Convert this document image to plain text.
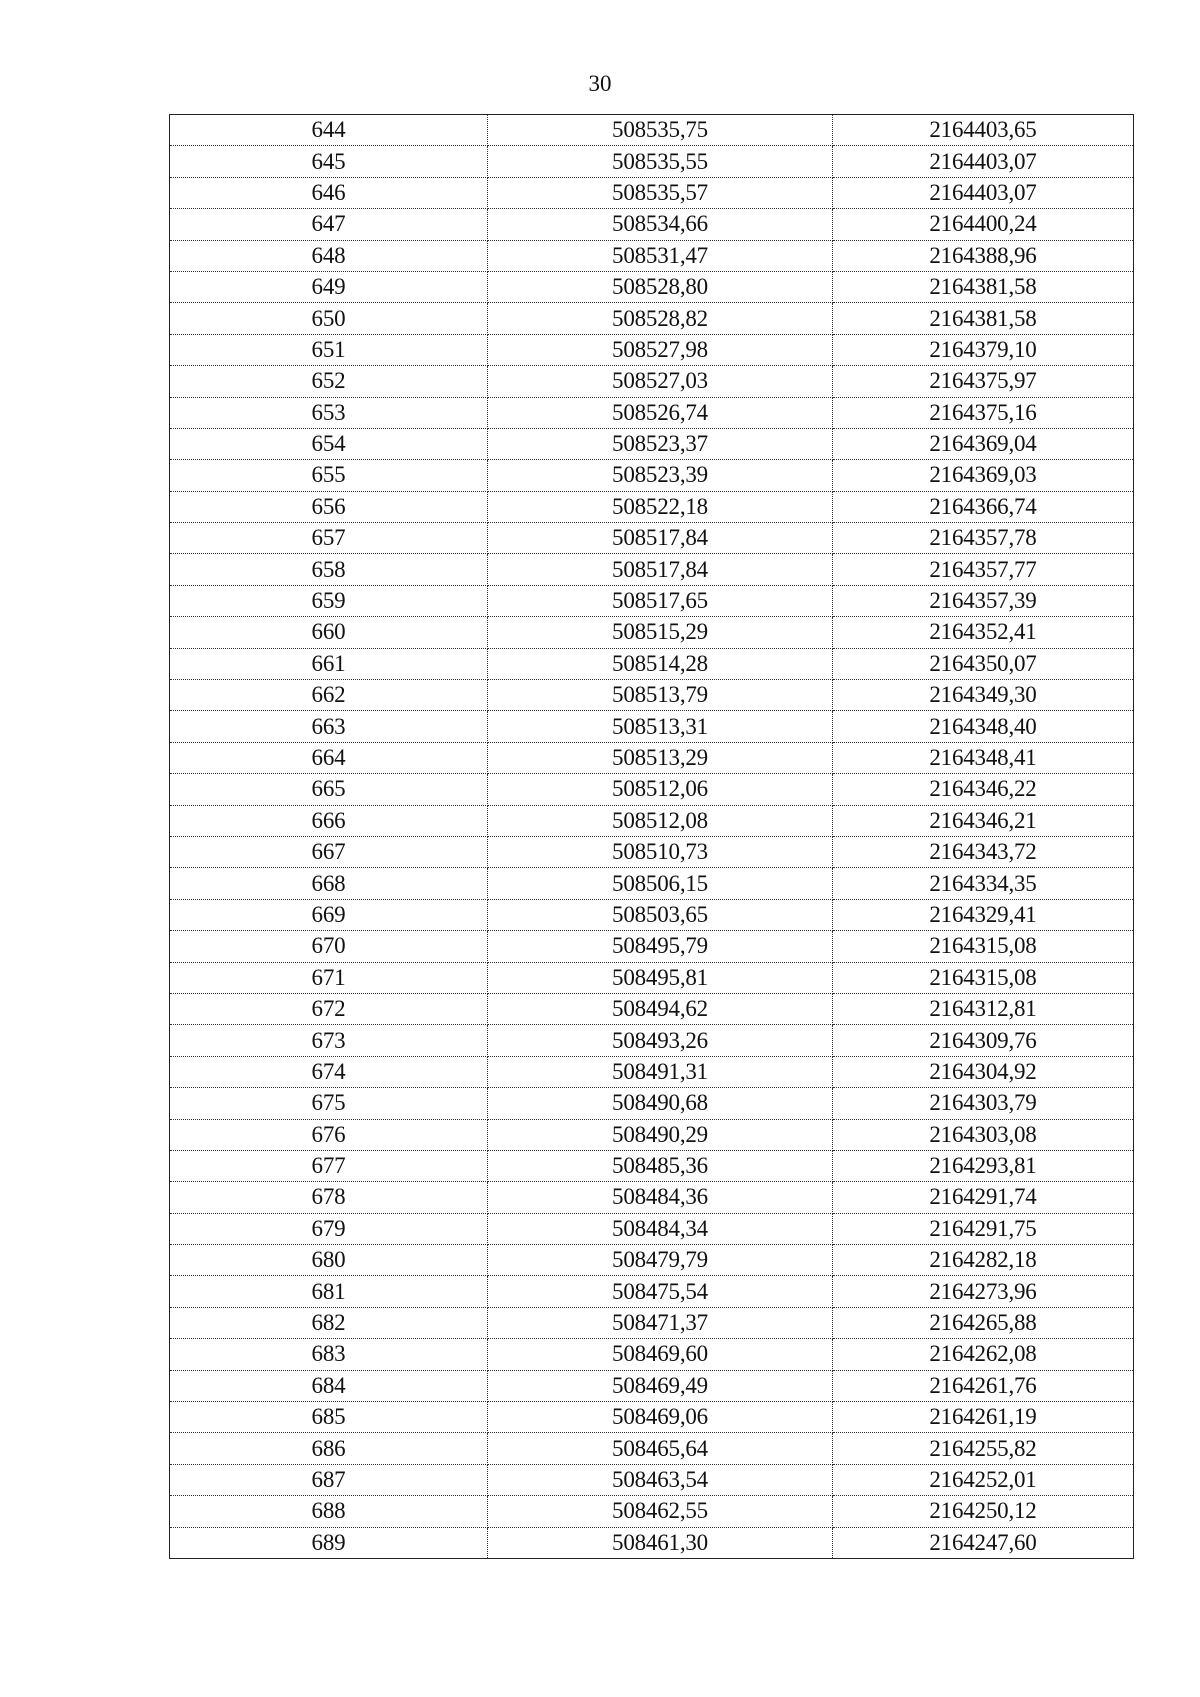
30
644	508535,75	2164403,65
645	508535,55	2164403,07
646	508535,57	2164403,07
647	508534,66	2164400,24
648	508531,47	2164388,96
649	508528,80	2164381,58
650	508528,82	2164381,58
651	508527,98	2164379,10
652	508527,03	2164375,97
653	508526,74	2164375,16
654	508523,37	2164369,04
655	508523,39	2164369,03
656	508522,18	2164366,74
657	508517,84	2164357,78
658	508517,84	2164357,77
659	508517,65	2164357,39
660	508515,29	2164352,41
661	508514,28	2164350,07
662	508513,79	2164349,30
663	508513,31	2164348,40
664	508513,29	2164348,41
665	508512,06	2164346,22
666	508512,08	2164346,21
667	508510,73	2164343,72
668	508506,15	2164334,35
669	508503,65	2164329,41
670	508495,79	2164315,08
671	508495,81	2164315,08
672	508494,62	2164312,81
673	508493,26	2164309,76
674	508491,31	2164304,92
675	508490,68	2164303,79
676	508490,29	2164303,08
677	508485,36	2164293,81
678	508484,36	2164291,74
679	508484,34	2164291,75
680	508479,79	2164282,18
681	508475,54	2164273,96
682	508471,37	2164265,88
683	508469,60	2164262,08
684	508469,49	2164261,76
685	508469,06	2164261,19
686	508465,64	2164255,82
687	508463,54	2164252,01
688	508462,55	2164250,12
689	508461,30	2164247,60
